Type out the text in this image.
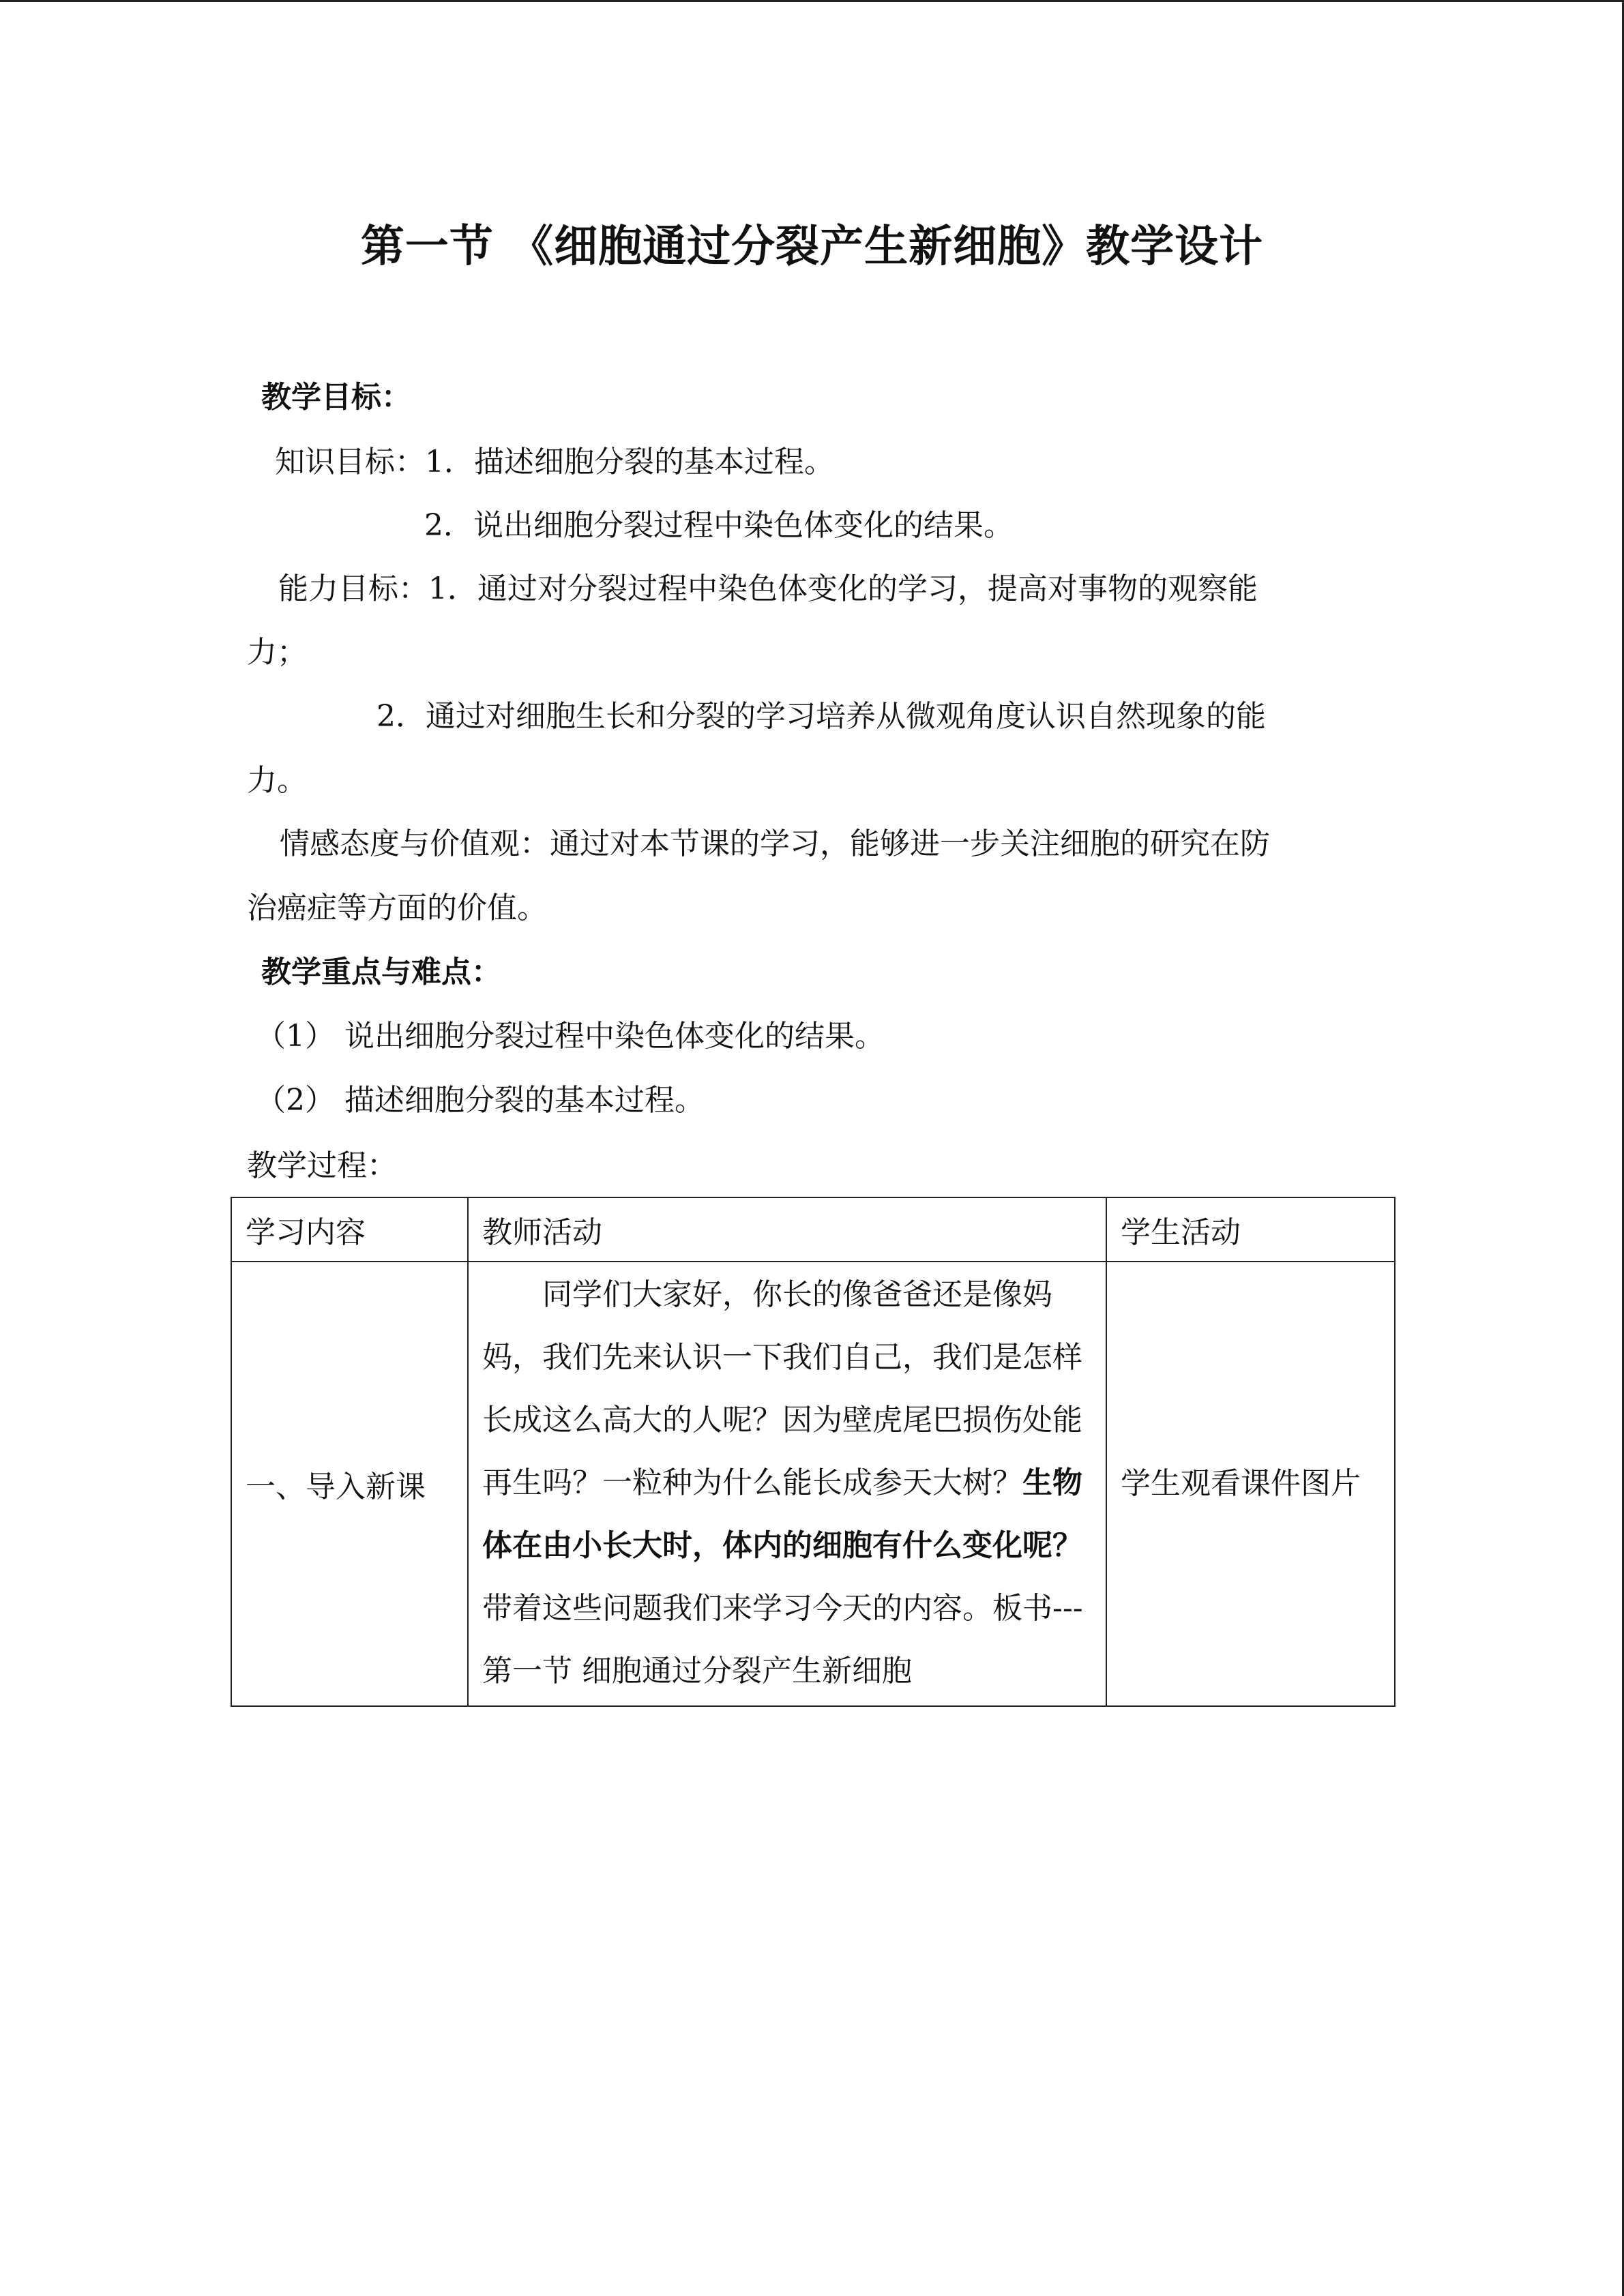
第一节 《细胞通过分裂产生新细胞》教学设计
教学目标：
知识目标：1．描述细胞分裂的基本过程。
2．说出细胞分裂过程中染色体变化的结果。
能力目标：1．通过对分裂过程中染色体变化的学习，提高对事物的观察能
力；
2．通过对细胞生长和分裂的学习培养从微观角度认识自然现象的能
力。
情感态度与价值观：通过对本节课的学习，能够进一步关注细胞的研究在防
治癌症等方面的价值。
教学重点与难点：
（1） 说出细胞分裂过程中染色体变化的结果。
（2） 描述细胞分裂的基本过程。
教学过程：
学习内容	教师活动	学生活动
一、导入新课	同学们大家好，你长的像爸爸还是像妈妈，我们先来认识一下我们自己，我们是怎样长成这么高大的人呢？因为壁虎尾巴损伤处能再生吗？一粒种为什么能长成参天大树？生物体在由小长大时，体内的细胞有什么变化呢？带着这些问题我们来学习今天的内容。板书---第一节 细胞通过分裂产生新细胞	学生观看课件图片
